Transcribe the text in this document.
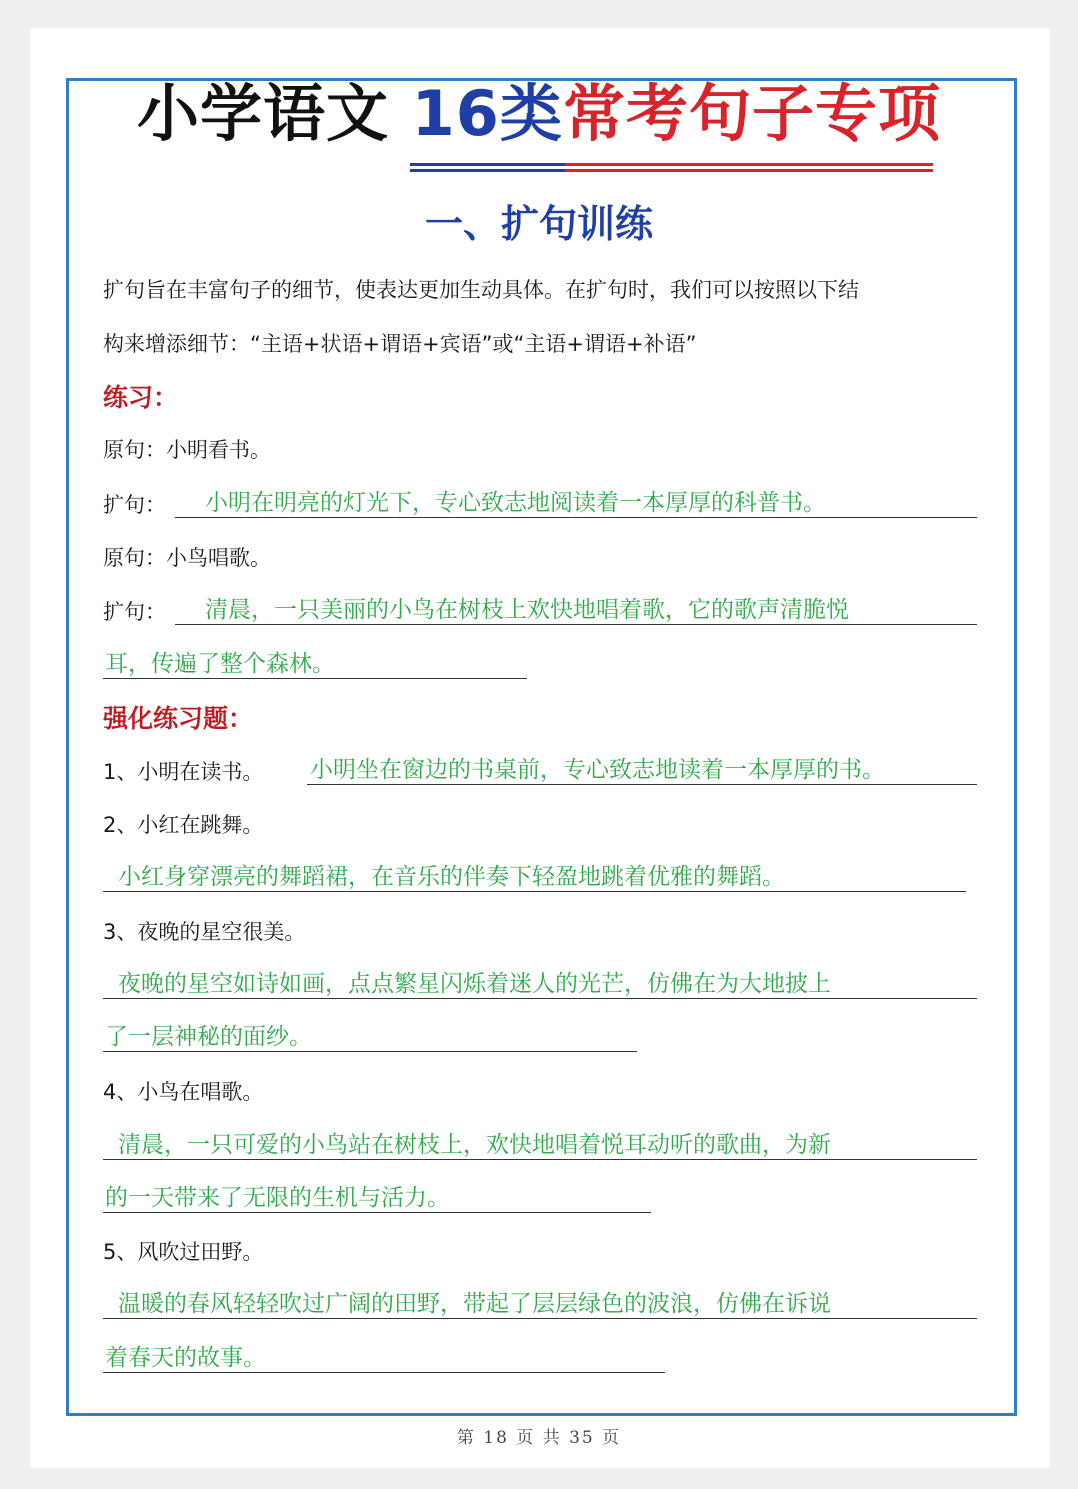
小学语文 16类常考句子专项
一、扩句训练
扩句旨在丰富句子的细节，使表达更加生动具体。在扩句时，我们可以按照以下结
构来增添细节：“主语+状语+谓语+宾语”或“主语+谓语+补语”
练习：
原句：小明看书。
扩句： 小明在明亮的灯光下，专心致志地阅读着一本厚厚的科普书。
原句：小鸟唱歌。
扩句： 清晨，一只美丽的小鸟在树枝上欢快地唱着歌，它的歌声清脆悦
耳，传遍了整个森林。
强化练习题：
1、小明在读书。 小明坐在窗边的书桌前，专心致志地读着一本厚厚的书。
2、小红在跳舞。
小红身穿漂亮的舞蹈裙，在音乐的伴奏下轻盈地跳着优雅的舞蹈。
3、夜晚的星空很美。
夜晚的星空如诗如画，点点繁星闪烁着迷人的光芒，仿佛在为大地披上
了一层神秘的面纱。
4、小鸟在唱歌。
清晨，一只可爱的小鸟站在树枝上，欢快地唱着悦耳动听的歌曲，为新
的一天带来了无限的生机与活力。
5、风吹过田野。
温暖的春风轻轻吹过广阔的田野，带起了层层绿色的波浪，仿佛在诉说
着春天的故事。
第 18 页 共 35 页
